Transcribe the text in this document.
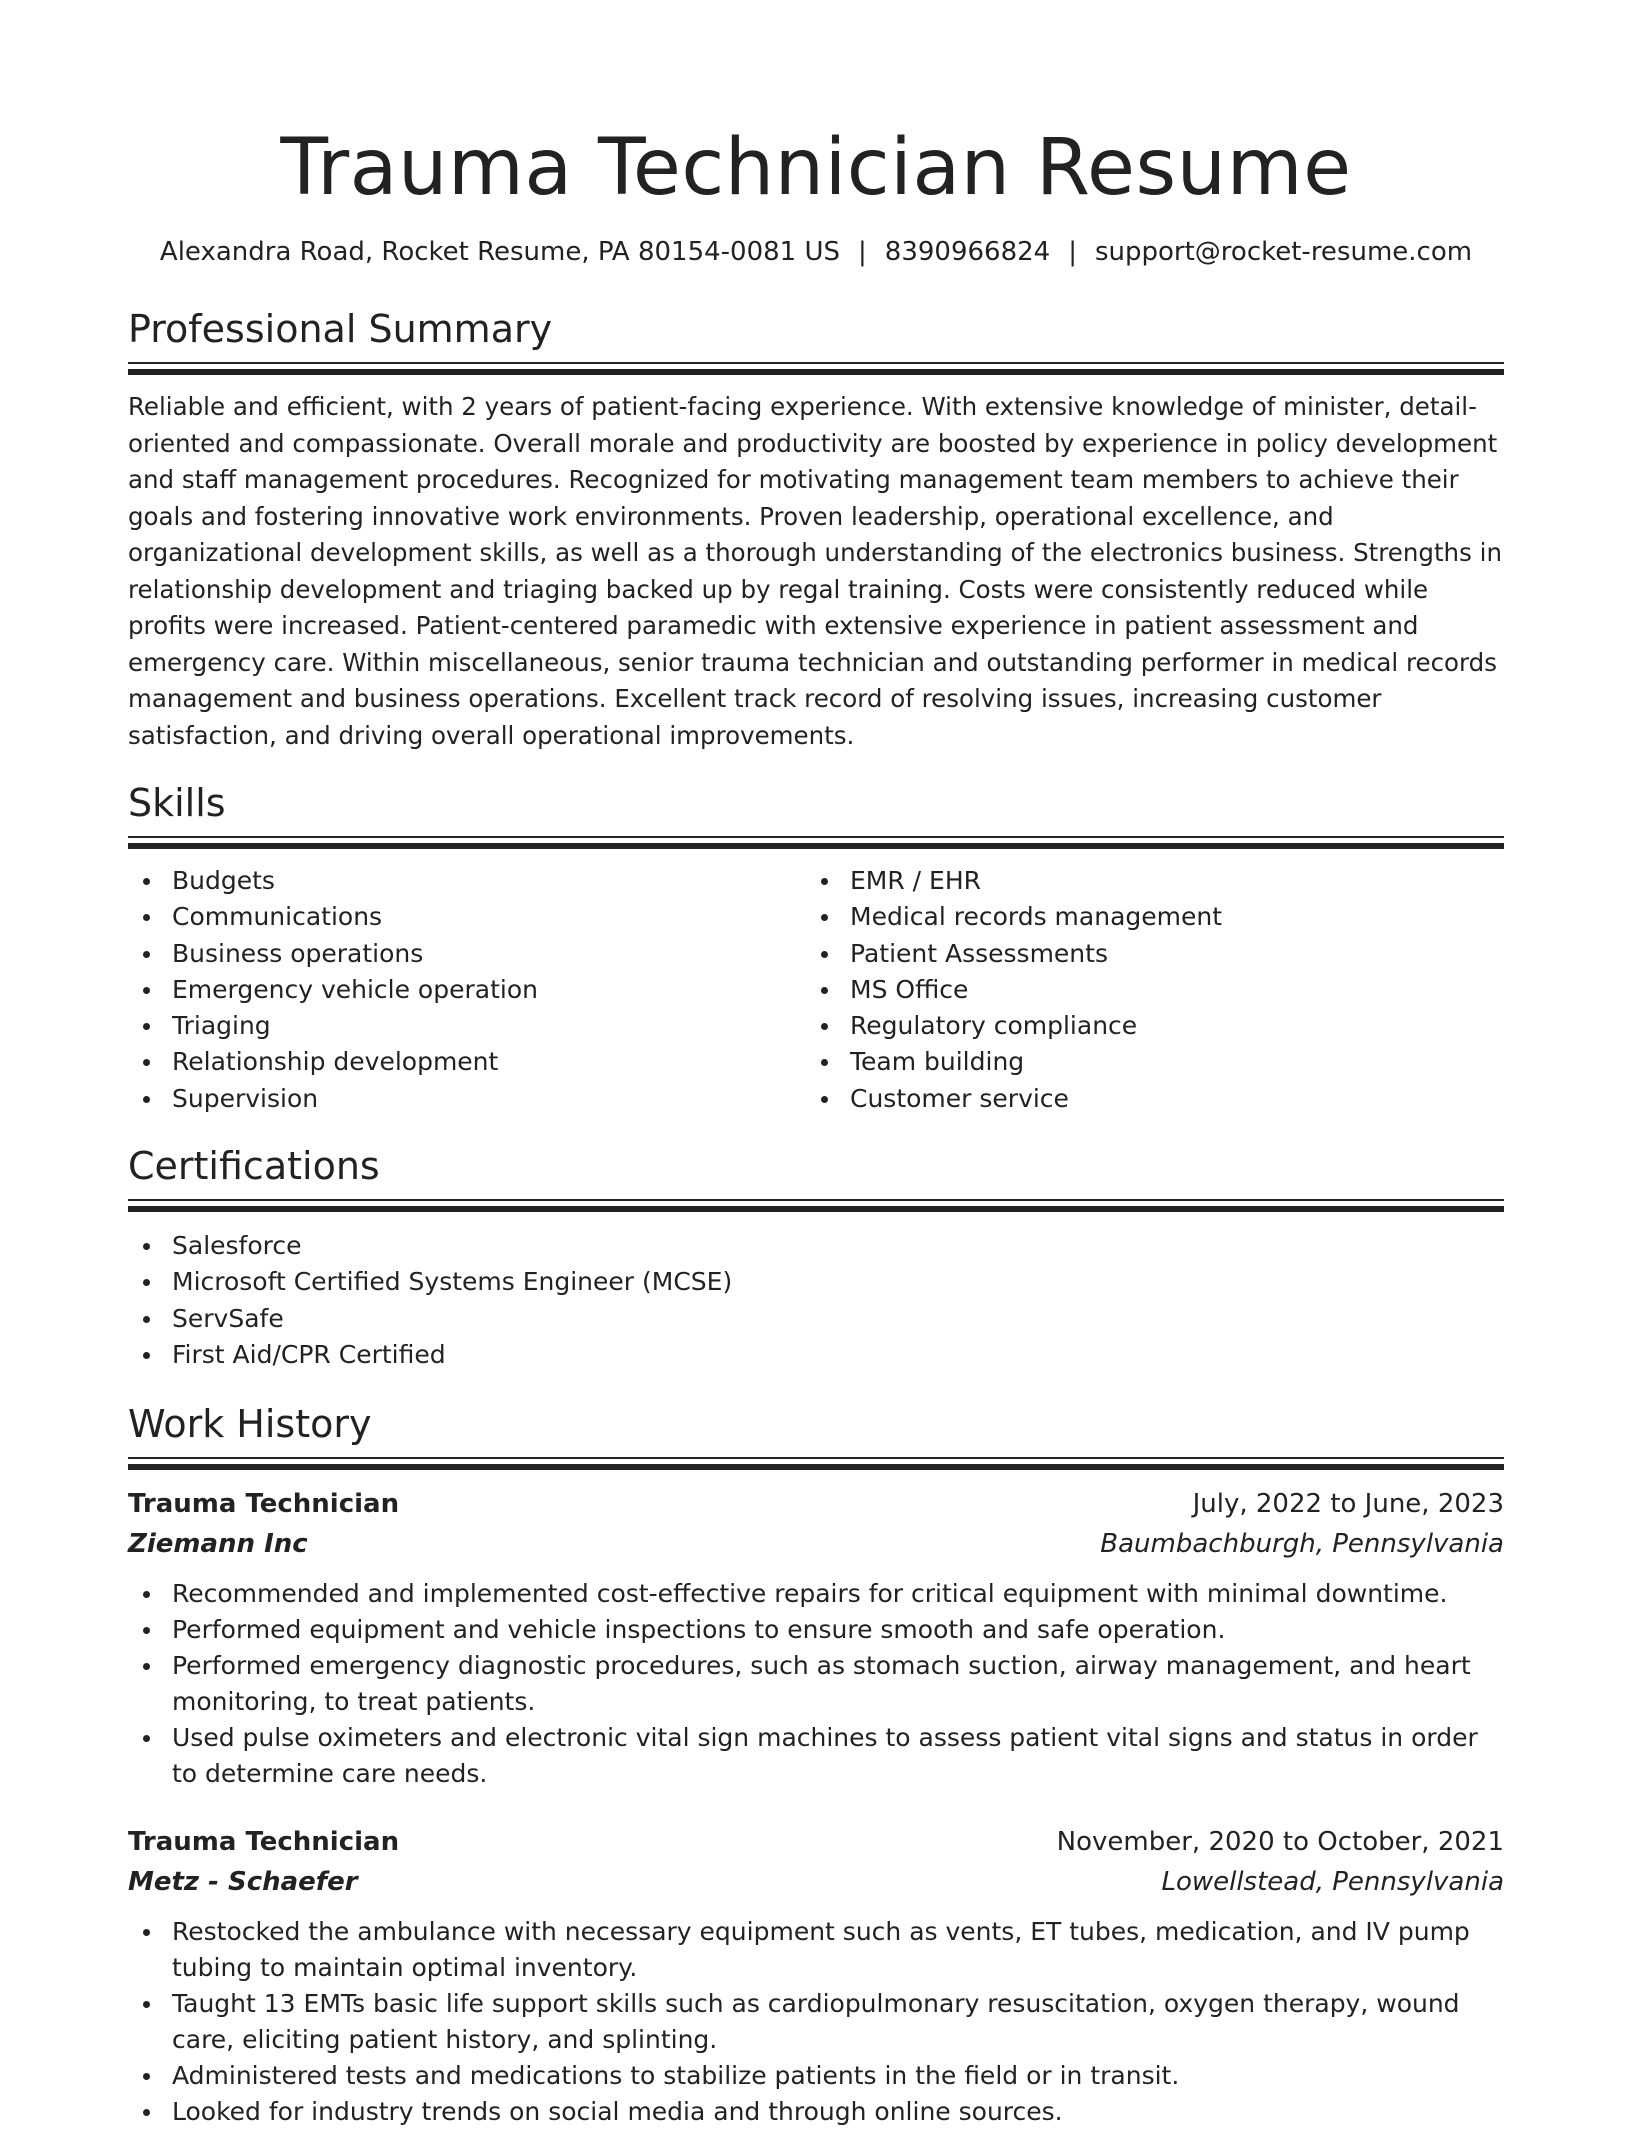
Trauma Technician Resume
Alexandra Road, Rocket Resume, PA 80154-0081 US | 8390966824 | support@rocket-resume.com
Professional Summary

Reliable and efficient, with 2 years of patient-facing experience. With extensive knowledge of minister, detail-oriented and compassionate. Overall morale and productivity are boosted by experience in policy development and staff management procedures. Recognized for motivating management team members to achieve their goals and fostering innovative work environments. Proven leadership, operational excellence, and organizational development skills, as well as a thorough understanding of the electronics business. Strengths in relationship development and triaging backed up by regal training. Costs were consistently reduced while profits were increased. Patient-centered paramedic with extensive experience in patient assessment and emergency care. Within miscellaneous, senior trauma technician and outstanding performer in medical records management and business operations. Excellent track record of resolving issues, increasing customer satisfaction, and driving overall operational improvements.

Skills
Budgets
Communications
Business operations
Emergency vehicle operation
Triaging
Relationship development
Supervision
EMR / EHR
Medical records management
Patient Assessments
MS Office
Regulatory compliance
Team building
Customer service
Certifications
Salesforce
Microsoft Certified Systems Engineer (MCSE)
ServSafe
First Aid/CPR Certified
Work History
Trauma Technician	July, 2022 to June, 2023
Ziemann Inc	Baumbachburgh, Pennsylvania
Recommended and implemented cost-effective repairs for critical equipment with minimal downtime.
Performed equipment and vehicle inspections to ensure smooth and safe operation.
Performed emergency diagnostic procedures, such as stomach suction, airway management, and heart monitoring, to treat patients.
Used pulse oximeters and electronic vital sign machines to assess patient vital signs and status in order to determine care needs.
Trauma Technician	November, 2020 to October, 2021
Metz - Schaefer	Lowellstead, Pennsylvania
Restocked the ambulance with necessary equipment such as vents, ET tubes, medication, and IV pump tubing to maintain optimal inventory.
Taught 13 EMTs basic life support skills such as cardiopulmonary resuscitation, oxygen therapy, wound care, eliciting patient history, and splinting.
Administered tests and medications to stabilize patients in the field or in transit.
Looked for industry trends on social media and through online sources.
